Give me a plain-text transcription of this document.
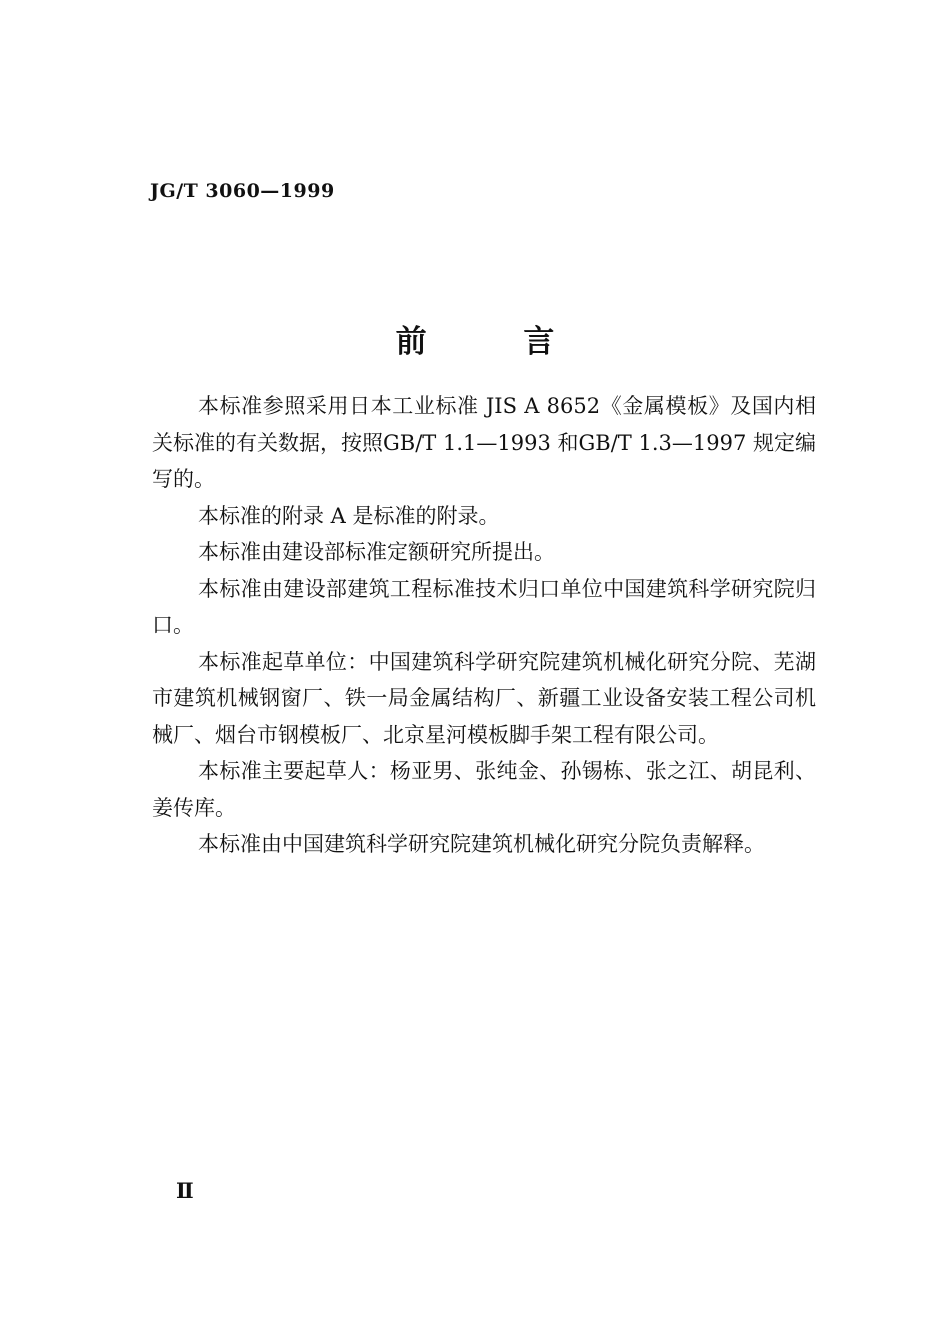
JG/T 3060—1999
前 言

本标准参照采用日本工业标准 JIS A 8652《金属模板》及国内相关标准的有关数据，按照GB/T 1.1—1993 和GB/T 1.3—1997 规定编写的。

本标准的附录 A 是标准的附录。

本标准由建设部标准定额研究所提出。

本标准由建设部建筑工程标准技术归口单位中国建筑科学研究院归口。

本标准起草单位：中国建筑科学研究院建筑机械化研究分院、芜湖市建筑机械钢窗厂、铁一局金属结构厂、新疆工业设备安装工程公司机械厂、烟台市钢模板厂、北京星河模板脚手架工程有限公司。

本标准主要起草人：杨亚男、张纯金、孙锡栋、张之江、胡昆利、姜传库。

本标准由中国建筑科学研究院建筑机械化研究分院负责解释。

Ⅱ
